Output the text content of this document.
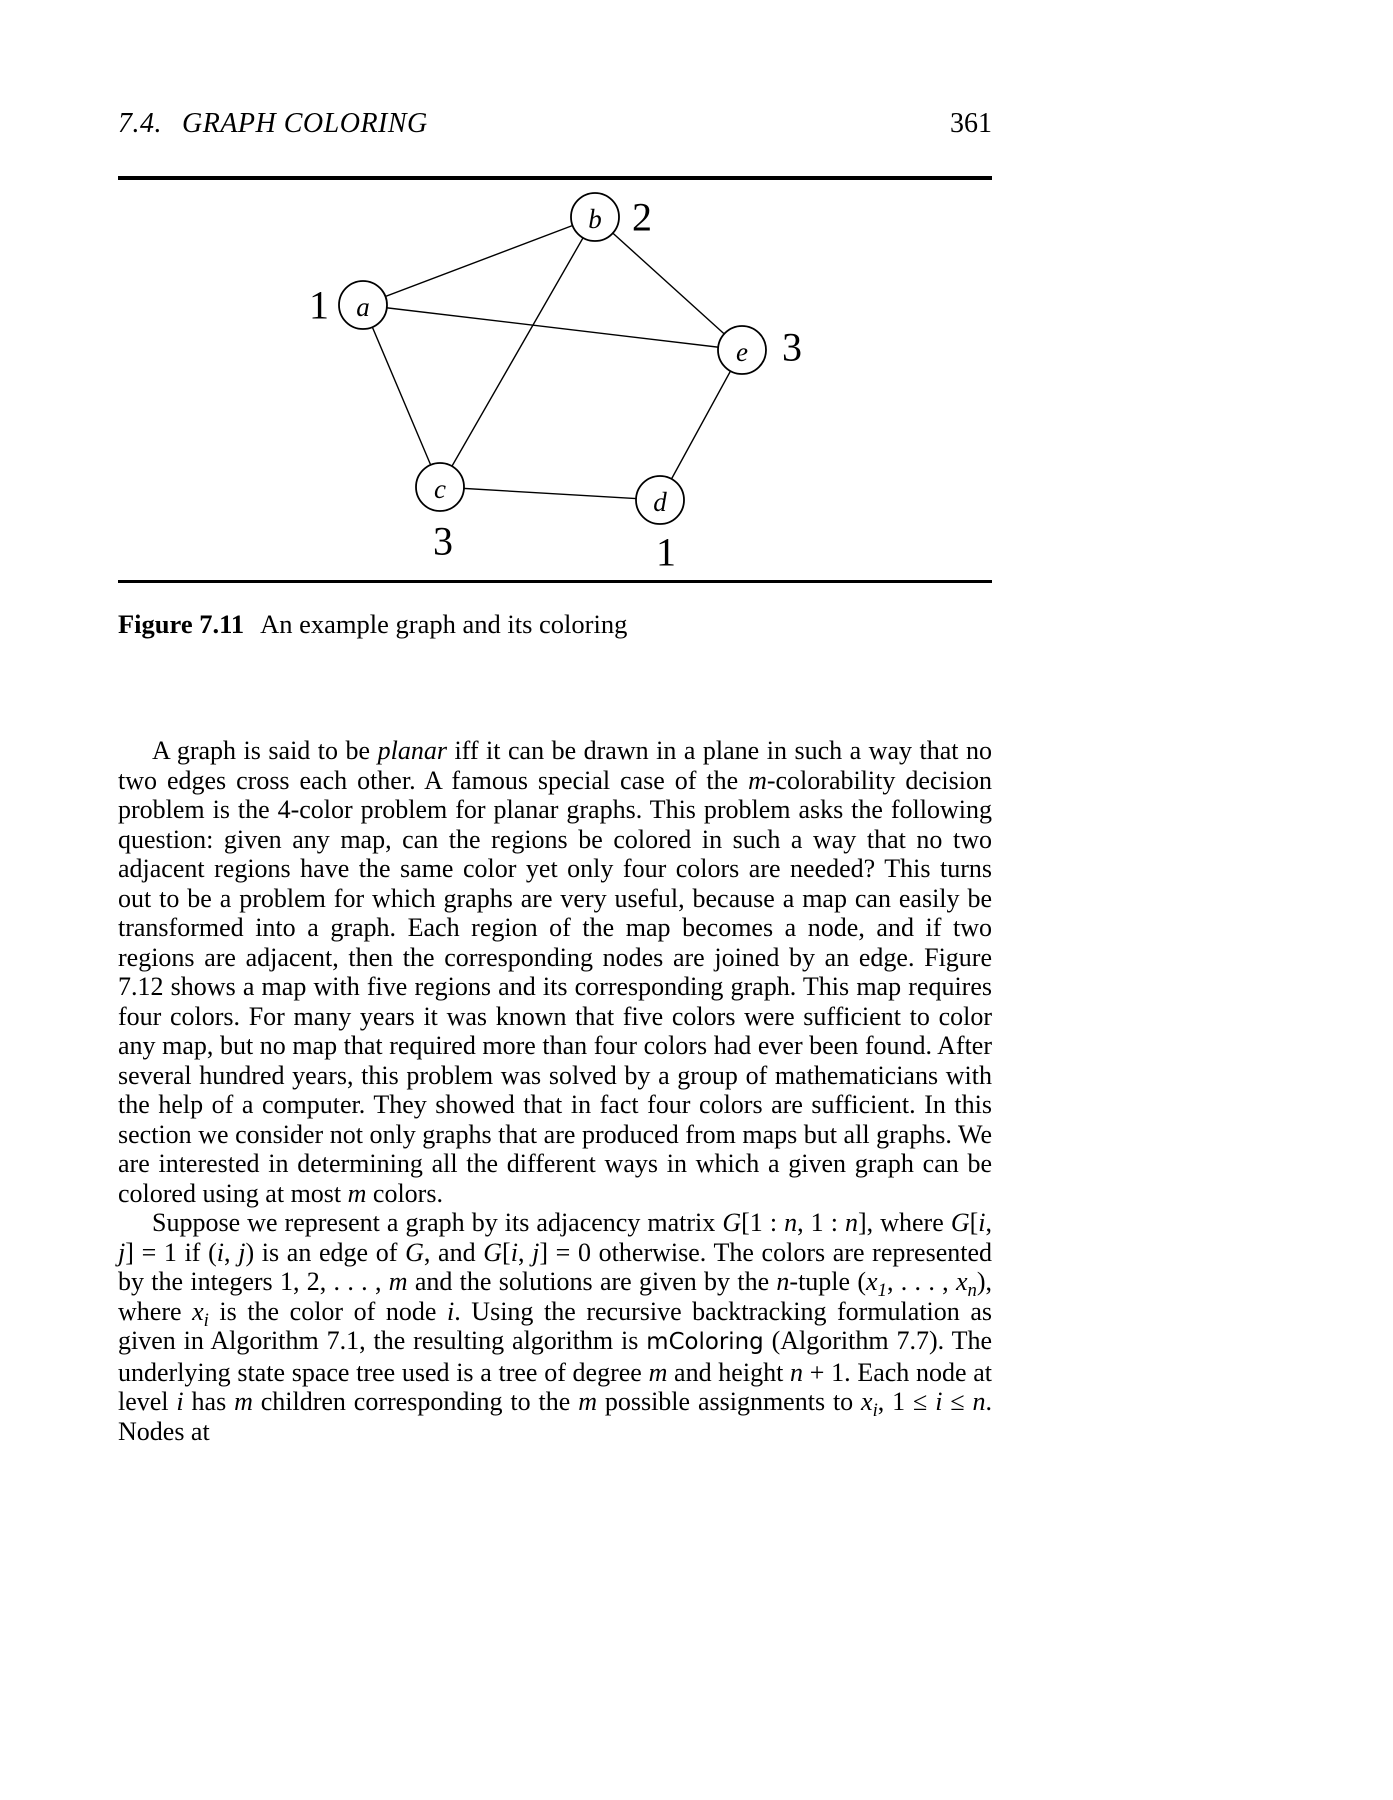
7.4. GRAPH COLORING	361
a
1
b 2
e 3
c
3
d
1

Figure 7.11 An example graph and its coloring

A graph is said to be planar iff it can be drawn in a plane in such a way that no two edges cross each other. A famous special case of the m-colorability decision problem is the 4-color problem for planar graphs. This problem asks the following question: given any map, can the regions be colored in such a way that no two adjacent regions have the same color yet only four colors are needed? This turns out to be a problem for which graphs are very useful, because a map can easily be transformed into a graph. Each region of the map becomes a node, and if two regions are adjacent, then the corresponding nodes are joined by an edge. Figure 7.12 shows a map with five regions and its corresponding graph. This map requires four colors. For many years it was known that five colors were sufficient to color any map, but no map that required more than four colors had ever been found. After several hundred years, this problem was solved by a group of mathematicians with the help of a computer. They showed that in fact four colors are sufficient. In this section we consider not only graphs that are produced from maps but all graphs. We are interested in determining all the different ways in which a given graph can be colored using at most m colors.

Suppose we represent a graph by its adjacency matrix G[1 : n, 1 : n], where G[i, j] = 1 if (i, j) is an edge of G, and G[i, j] = 0 otherwise. The colors are represented by the integers 1, 2, . . . , m and the solutions are given by the n-tuple ($x_1$, . . . , $x_n$), where $x_i$ is the color of node i. Using the recursive backtracking formulation as given in Algorithm 7.1, the resulting algorithm is mColoring (Algorithm 7.7). The underlying state space tree used is a tree of degree m and height n + 1. Each node at level i has m children corresponding to the m possible assignments to $x_i$, 1 ≤ i ≤ n. Nodes at
